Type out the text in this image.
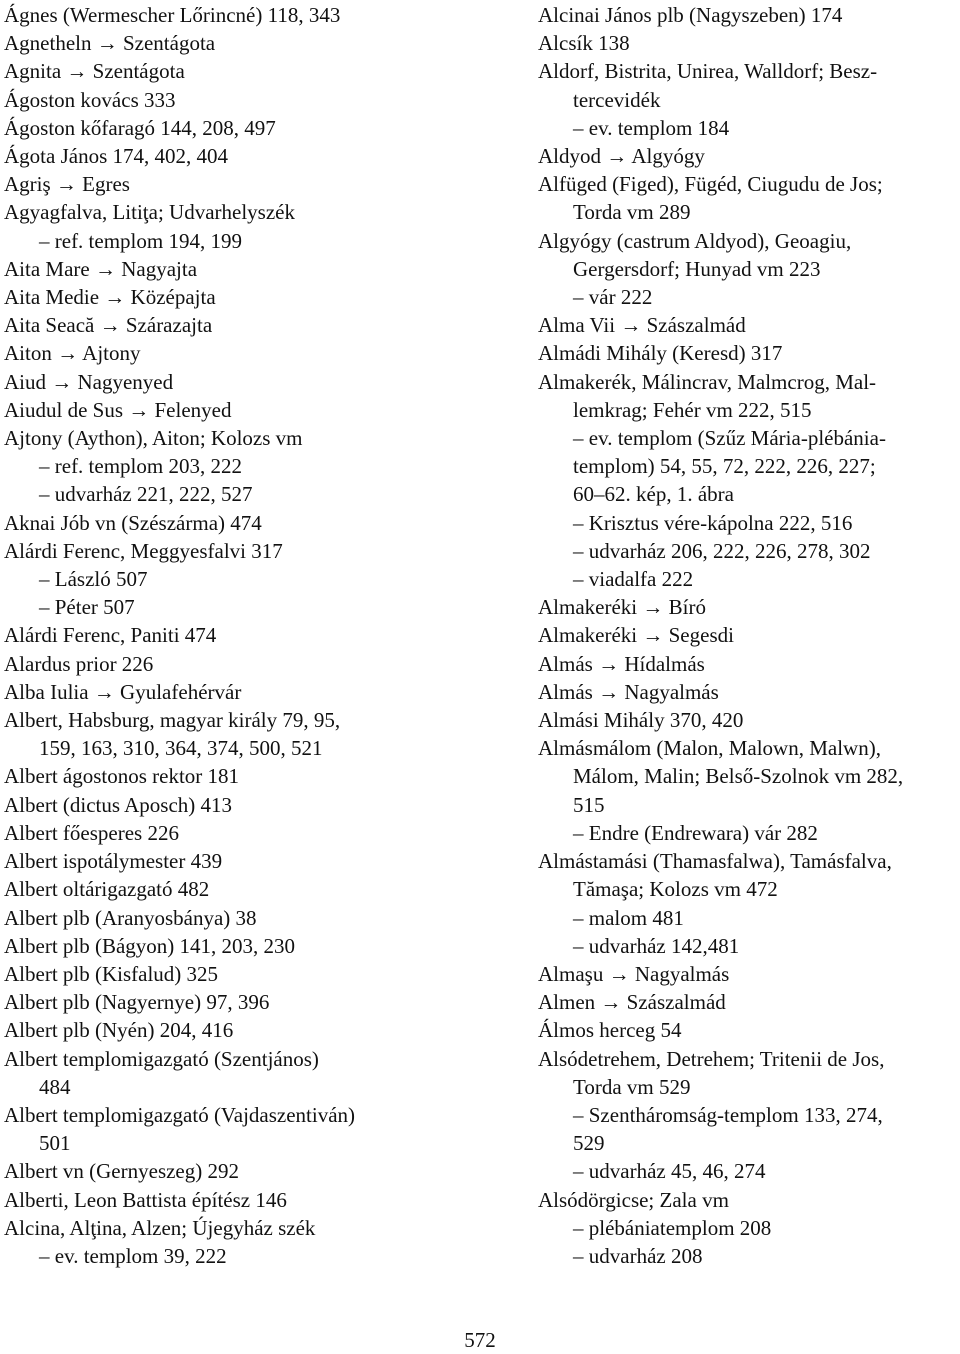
Ágnes (Wermescher Lőrincné) 118, 343
Agnetheln → Szentágota
Agnita → Szentágota
Ágoston kovács 333
Ágoston kőfaragó 144, 208, 497
Ágota János 174, 402, 404
Agriş → Egres
Agyagfalva, Litiţa; Udvarhelyszék
– ref. templom 194, 199
Aita Mare → Nagyajta
Aita Medie → Középajta
Aita Seacă → Szárazajta
Aiton → Ajtony
Aiud → Nagyenyed
Aiudul de Sus → Felenyed
Ajtony (Aython), Aiton; Kolozs vm
– ref. templom 203, 222
– udvarház 221, 222, 527
Aknai Jób vn (Szészárma) 474
Alárdi Ferenc, Meggyesfalvi 317
– László 507
– Péter 507
Alárdi Ferenc, Paniti 474
Alardus prior 226
Alba Iulia → Gyulafehérvár
Albert, Habsburg, magyar király 79, 95,
159, 163, 310, 364, 374, 500, 521
Albert ágostonos rektor 181
Albert (dictus Aposch) 413
Albert főesperes 226
Albert ispotálymester 439
Albert oltárigazgató 482
Albert plb (Aranyosbánya) 38
Albert plb (Bágyon) 141, 203, 230
Albert plb (Kisfalud) 325
Albert plb (Nagyernye) 97, 396
Albert plb (Nyén) 204, 416
Albert templomigazgató (Szentjános)
484
Albert templomigazgató (Vajdaszentiván)
501
Albert vn (Gernyeszeg) 292
Alberti, Leon Battista építész 146
Alcina, Alţina, Alzen; Újegyház szék
– ev. templom 39, 222
Alcinai János plb (Nagyszeben) 174
Alcsík 138
Aldorf, Bistrita, Unirea, Walldorf; Besz-
tercevidék
– ev. templom 184
Aldyod → Algyógy
Alfüged (Figed), Fügéd, Ciugudu de Jos;
Torda vm 289
Algyógy (castrum Aldyod), Geoagiu,
Gergersdorf; Hunyad vm 223
– vár 222
Alma Vii → Szászalmád
Almádi Mihály (Keresd) 317
Almakerék, Málincrav, Malmcrog, Mal-
lemkrag; Fehér vm 222, 515
– ev. templom (Szűz Mária-plébánia-
templom) 54, 55, 72, 222, 226, 227;
60–62. kép, 1. ábra
– Krisztus vére-kápolna 222, 516
– udvarház 206, 222, 226, 278, 302
– viadalfa 222
Almakeréki → Bíró
Almakeréki → Segesdi
Almás → Hídalmás
Almás → Nagyalmás
Almási Mihály 370, 420
Almásmálom (Malon, Malown, Malwn),
Málom, Malin; Belső-Szolnok vm 282,
515
– Endre (Endrewara) vár 282
Almástamási (Thamasfalwa), Tamásfalva,
Tămaşa; Kolozs vm 472
– malom 481
– udvarház 142,481
Almaşu → Nagyalmás
Almen → Szászalmád
Álmos herceg 54
Alsódetrehem, Detrehem; Tritenii de Jos,
Torda vm 529
– Szentháromság-templom 133, 274,
529
– udvarház 45, 46, 274
Alsódörgicse; Zala vm
– plébániatemplom 208
– udvarház 208
572
